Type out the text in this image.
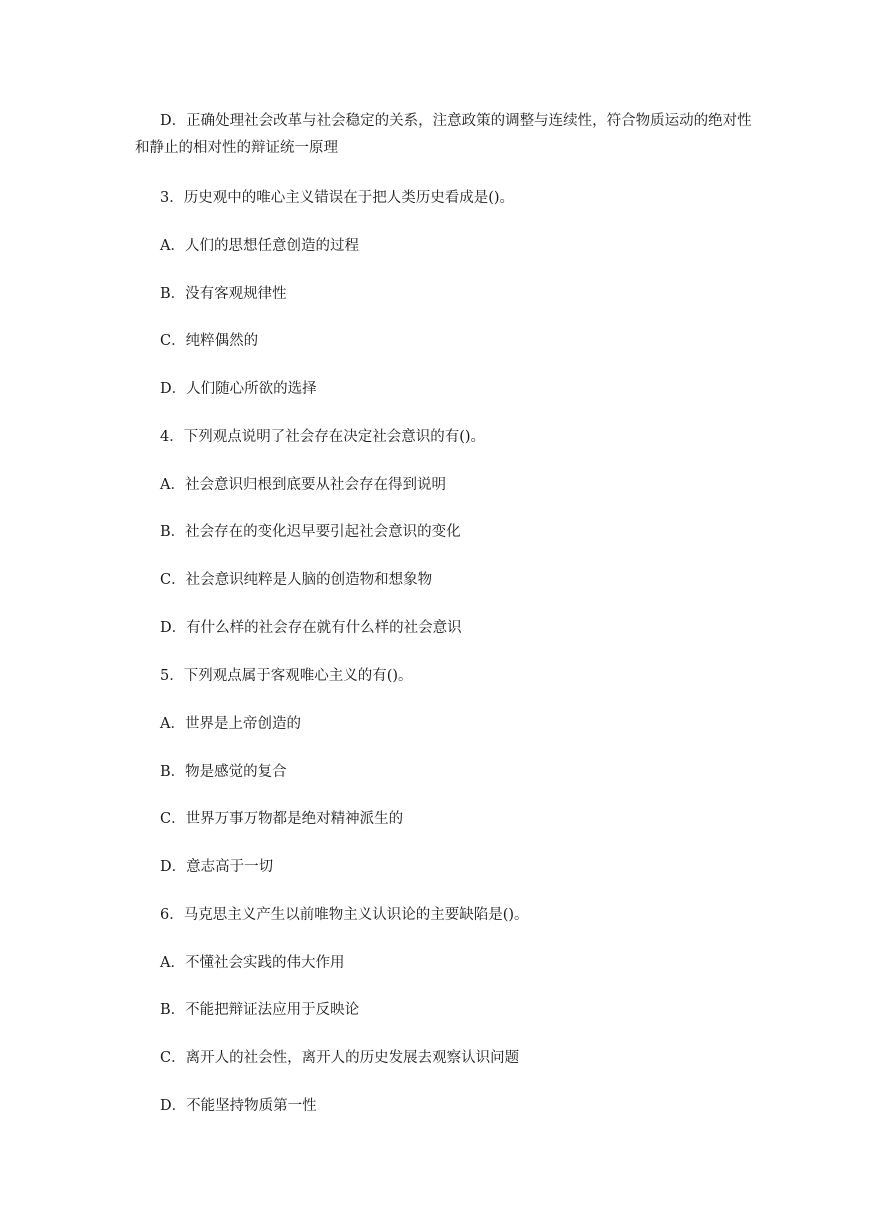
D．正确处理社会改革与社会稳定的关系，注意政策的调整与连续性，符合物质运动的绝对性和静止的相对性的辩证统一原理
3．历史观中的唯心主义错误在于把人类历史看成是()。
A．人们的思想任意创造的过程
B．没有客观规律性
C．纯粹偶然的
D．人们随心所欲的选择
4．下列观点说明了社会存在决定社会意识的有()。
A．社会意识归根到底要从社会存在得到说明
B．社会存在的变化迟早要引起社会意识的变化
C．社会意识纯粹是人脑的创造物和想象物
D．有什么样的社会存在就有什么样的社会意识
5．下列观点属于客观唯心主义的有()。
A．世界是上帝创造的
B．物是感觉的复合
C．世界万事万物都是绝对精神派生的
D．意志高于一切
6．马克思主义产生以前唯物主义认识论的主要缺陷是()。
A．不懂社会实践的伟大作用
B．不能把辩证法应用于反映论
C．离开人的社会性，离开人的历史发展去观察认识问题
D．不能坚持物质第一性
